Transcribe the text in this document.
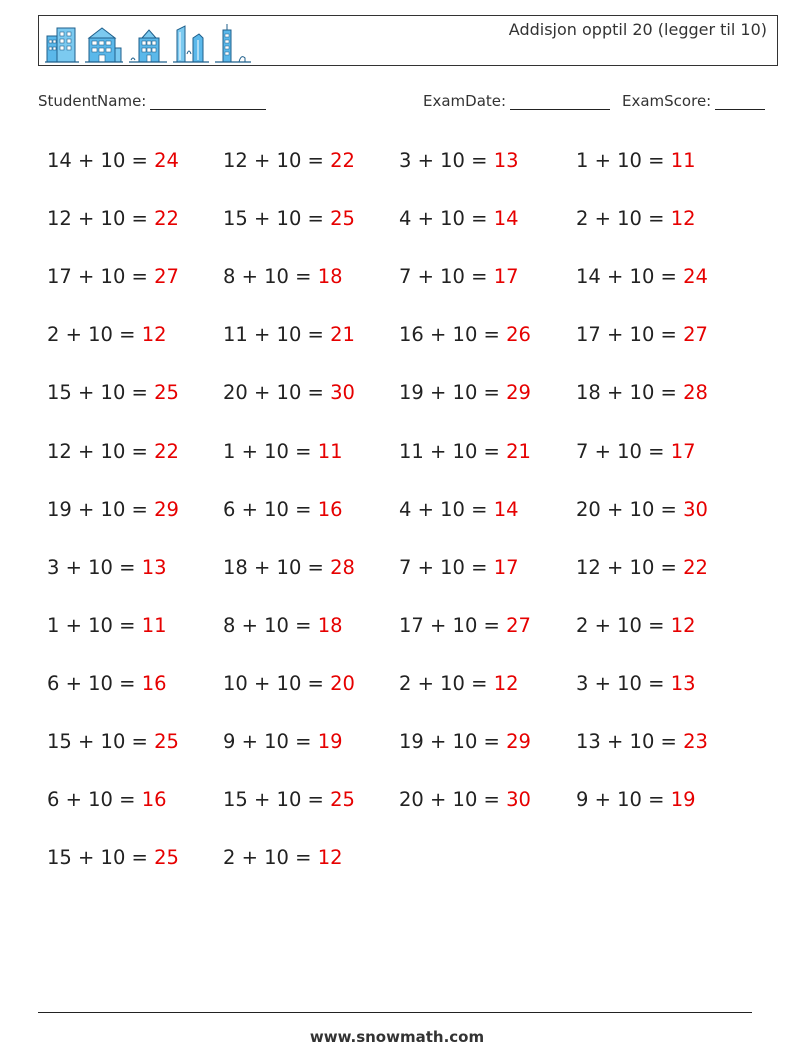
Addisjon opptil 20 (legger til 10)
StudentName:	ExamDate:	ExamScore:
14 + 10 = 24
12 + 10 = 22
17 + 10 = 27
2 + 10 = 12
15 + 10 = 25
12 + 10 = 22
19 + 10 = 29
3 + 10 = 13
1 + 10 = 11
6 + 10 = 16
15 + 10 = 25
6 + 10 = 16
15 + 10 = 25
12 + 10 = 22
15 + 10 = 25
8 + 10 = 18
11 + 10 = 21
20 + 10 = 30
1 + 10 = 11
6 + 10 = 16
18 + 10 = 28
8 + 10 = 18
10 + 10 = 20
9 + 10 = 19
15 + 10 = 25
2 + 10 = 12
3 + 10 = 13
4 + 10 = 14
7 + 10 = 17
16 + 10 = 26
19 + 10 = 29
11 + 10 = 21
4 + 10 = 14
7 + 10 = 17
17 + 10 = 27
2 + 10 = 12
19 + 10 = 29
20 + 10 = 30
1 + 10 = 11
2 + 10 = 12
14 + 10 = 24
17 + 10 = 27
18 + 10 = 28
7 + 10 = 17
20 + 10 = 30
12 + 10 = 22
2 + 10 = 12
3 + 10 = 13
13 + 10 = 23
9 + 10 = 19
www.snowmath.com
